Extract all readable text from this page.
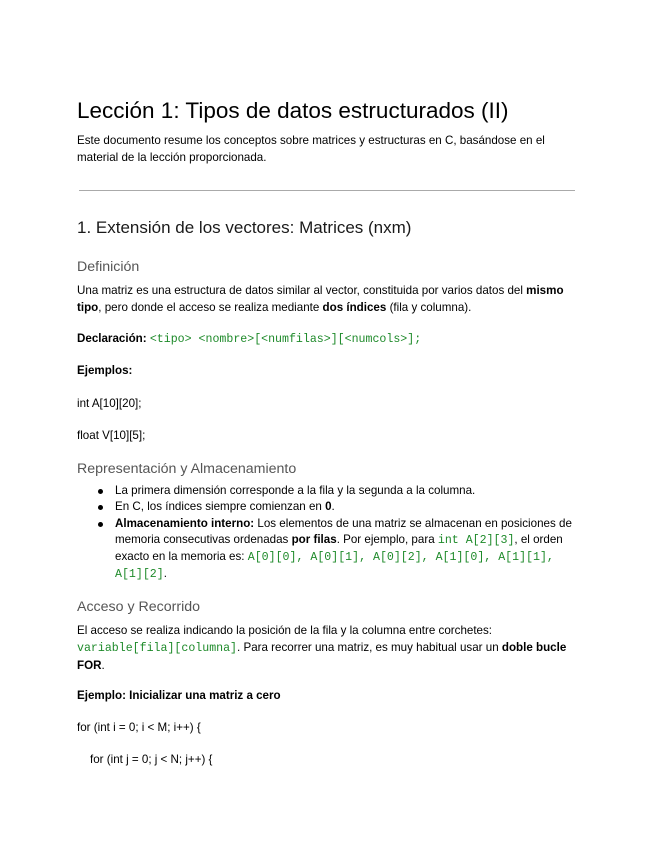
Lección 1: Tipos de datos estructurados (II)

Este documento resume los conceptos sobre matrices y estructuras en C, basándose en el material de la lección proporcionada.

1. Extensión de los vectores: Matrices (nxm)
Definición

Una matriz es una estructura de datos similar al vector, constituida por varios datos del mismo tipo, pero donde el acceso se realiza mediante dos índices (fila y columna).

Declaración: <tipo> <nombre>[<numfilas>][<numcols>];

Ejemplos:

int A[10][20];

float V[10][5];

Representación y Almacenamiento
La primera dimensión corresponde a la fila y la segunda a la columna.
En C, los índices siempre comienzan en 0.
Almacenamiento interno: Los elementos de una matriz se almacenan en posiciones de memoria consecutivas ordenadas por filas. Por ejemplo, para int A[2][3], el orden exacto en la memoria es: A[0][0], A[0][1], A[0][2], A[1][0], A[1][1], A[1][2].
Acceso y Recorrido

El acceso se realiza indicando la posición de la fila y la columna entre corchetes: variable[fila][columna]. Para recorrer una matriz, es muy habitual usar un doble bucle FOR.

Ejemplo: Inicializar una matriz a cero

for (int i = 0; i < M; i++) {

for (int j = 0; j < N; j++) {
